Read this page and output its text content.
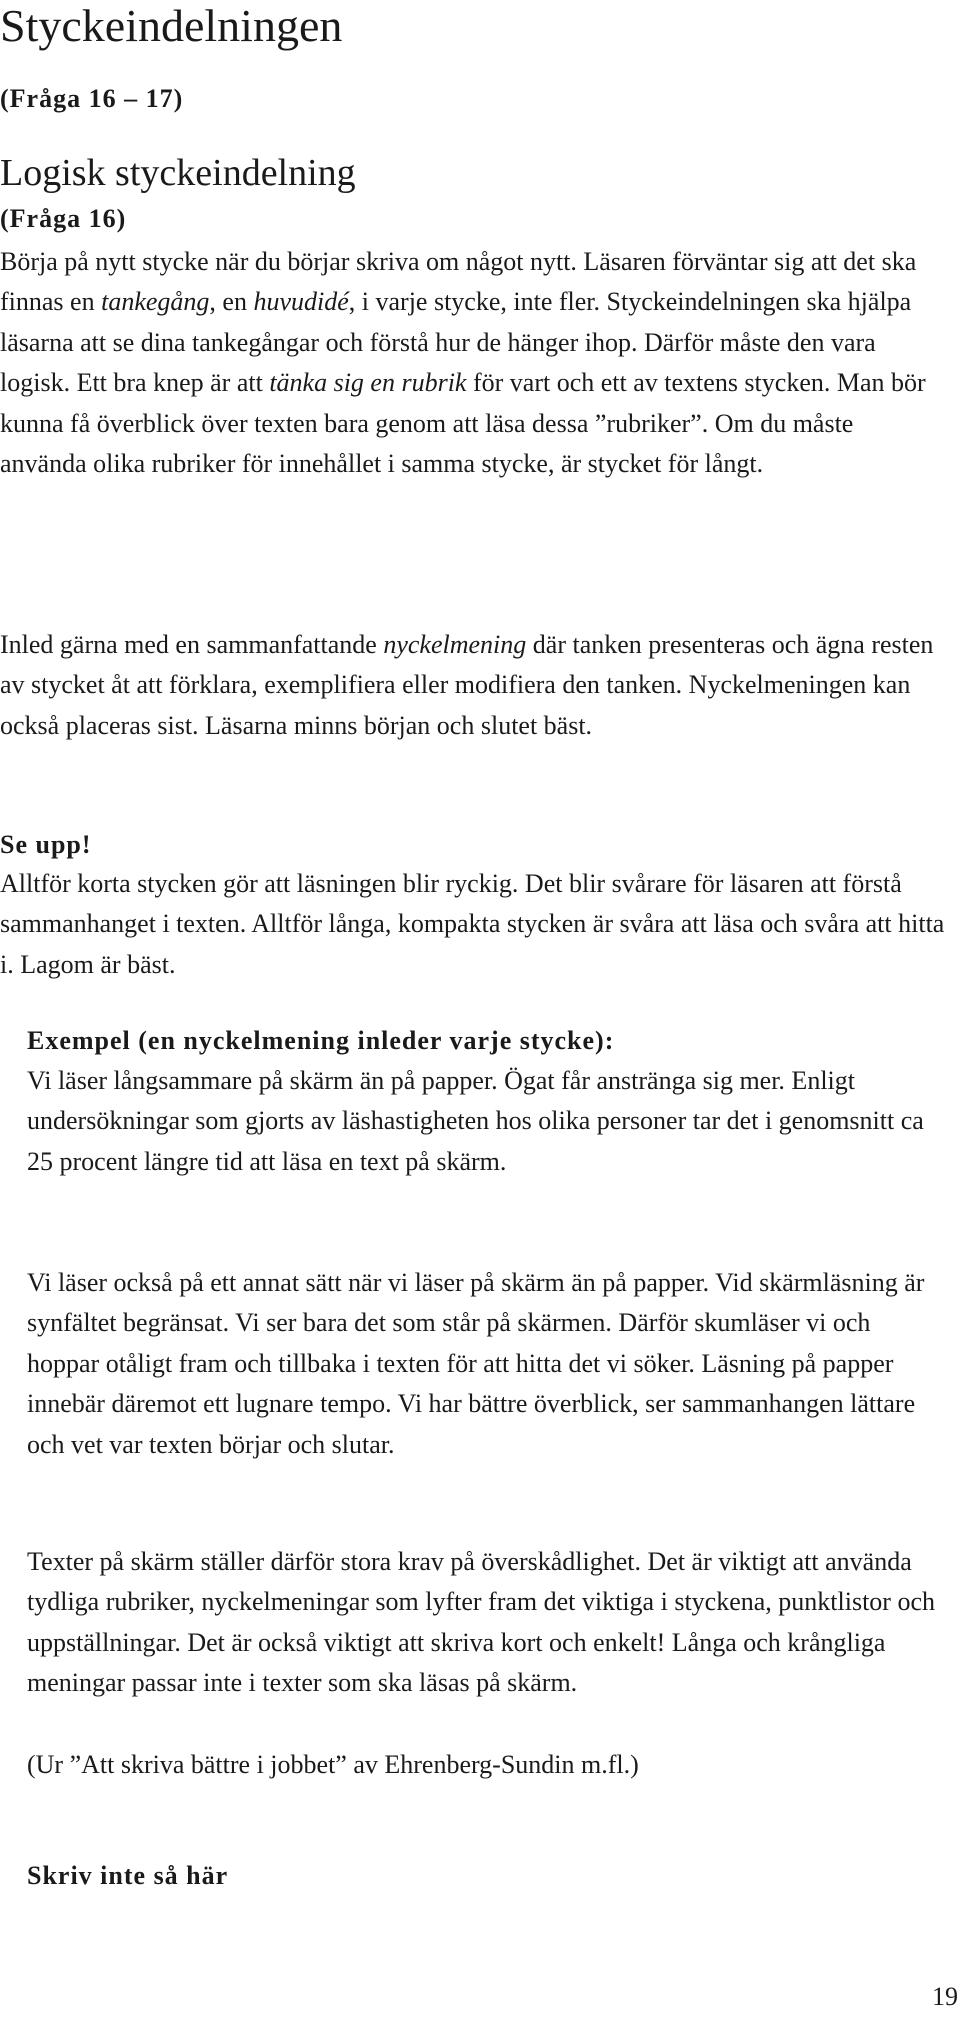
Styckeindelningen
(Fråga 16 – 17)
Logisk styckeindelning
(Fråga 16)

Börja på nytt stycke när du börjar skriva om något nytt. Läsaren förväntar sig att det ska finnas en tankegång, en huvudidé, i varje stycke, inte fler. Styckeindelningen ska hjälpa läsarna att se dina tankegångar och förstå hur de hänger ihop. Därför måste den vara logisk. Ett bra knep är att tänka sig en rubrik för vart och ett av textens stycken. Man bör kunna få överblick över texten bara genom att läsa dessa ”rubriker”. Om du måste använda olika rubriker för innehållet i samma stycke, är stycket för långt.

Inled gärna med en sammanfattande nyckelmening där tanken presenteras och ägna resten av stycket åt att förklara, exemplifiera eller modifiera den tanken. Nyckelmeningen kan också placeras sist. Läsarna minns början och slutet bäst.

Se upp!

Alltför korta stycken gör att läsningen blir ryckig. Det blir svårare för läsaren att förstå sammanhanget i texten. Alltför långa, kompakta stycken är svåra att läsa och svåra att hitta i. Lagom är bäst.

Exempel (en nyckelmening inleder varje stycke):

Vi läser långsammare på skärm än på papper. Ögat får anstränga sig mer. Enligt undersökningar som gjorts av läshastigheten hos olika personer tar det i genomsnitt ca 25 procent längre tid att läsa en text på skärm.

Vi läser också på ett annat sätt när vi läser på skärm än på papper. Vid skärmläsning är synfältet begränsat. Vi ser bara det som står på skärmen. Därför skumläser vi och hoppar otåligt fram och tillbaka i texten för att hitta det vi söker. Läsning på papper innebär däremot ett lugnare tempo. Vi har bättre överblick, ser sammanhangen lättare och vet var texten börjar och slutar.

Texter på skärm ställer därför stora krav på överskådlighet. Det är viktigt att använda tydliga rubriker, nyckelmeningar som lyfter fram det viktiga i styckena, punktlistor och uppställningar. Det är också viktigt att skriva kort och enkelt! Långa och krångliga meningar passar inte i texter som ska läsas på skärm.

(Ur ”Att skriva bättre i jobbet” av Ehrenberg-Sundin m.fl.)

Skriv inte så här
19
